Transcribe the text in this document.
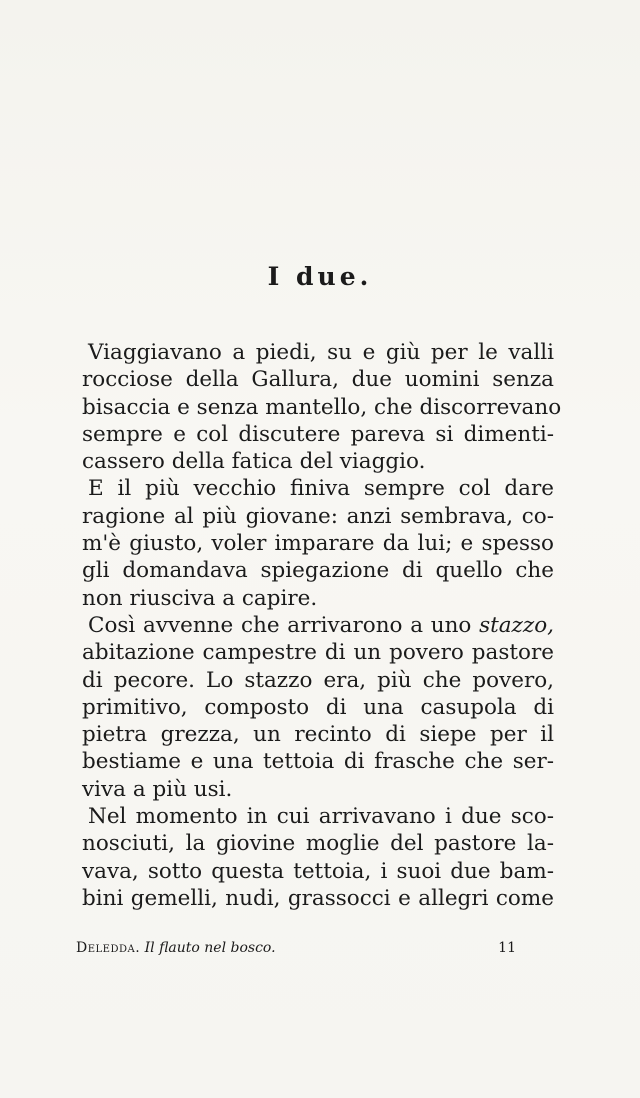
I due.

Viaggiavano a piedi, su e giù per le valli
rocciose della Gallura, due uomini senza
bisaccia e senza mantello, che discorrevano
sempre e col discutere pareva si dimenti-
cassero della fatica del viaggio.

E il più vecchio finiva sempre col dare
ragione al più giovane: anzi sembrava, co-
m'è giusto, voler imparare da lui; e spesso
gli domandava spiegazione di quello che
non riusciva a capire.

Così avvenne che arrivarono a uno stazzo,
abitazione campestre di un povero pastore
di pecore. Lo stazzo era, più che povero,
primitivo, composto di una casupola di
pietra grezza, un recinto di siepe per il
bestiame e una tettoia di frasche che ser-
viva a più usi.

Nel momento in cui arrivavano i due sco-
nosciuti, la giovine moglie del pastore la-
vava, sotto questa tettoia, i suoi due bam-
bini gemelli, nudi, grassocci e allegri come

Deledda. Il flauto nel bosco.	11
